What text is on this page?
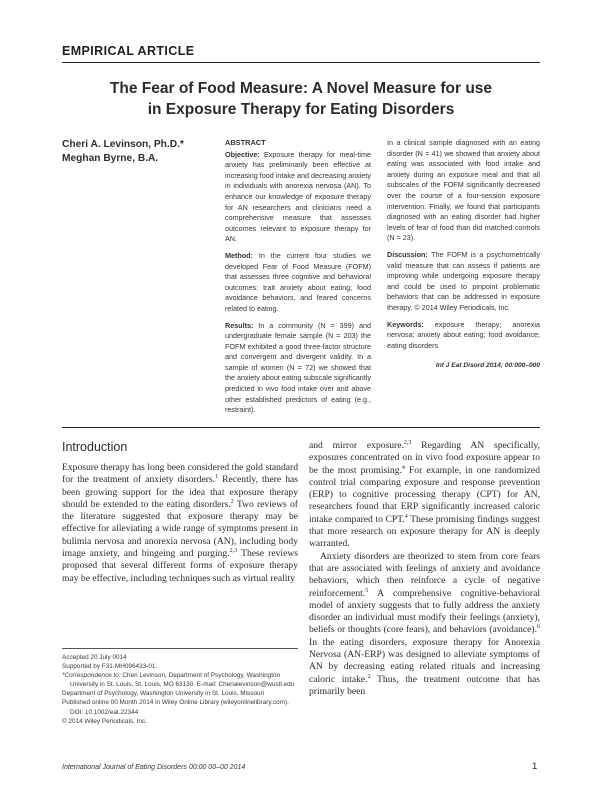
EMPIRICAL ARTICLE
The Fear of Food Measure: A Novel Measure for use
in Exposure Therapy for Eating Disorders
Cheri A. Levinson, Ph.D.*
Meghan Byrne, B.A.
ABSTRACT

Objective: Exposure therapy for meal-time anxiety has preliminarily been effective at increasing food intake and decreasing anxiety in individuals with anorexia nervosa (AN). To enhance our knowledge of exposure therapy for AN researchers and clinicians need a comprehensive measure that assesses outcomes relevant to exposure therapy for AN.

Method: In the current four studies we developed Fear of Food Measure (FOFM) that assesses three cognitive and behavioral outcomes: trait anxiety about eating, food avoidance behaviors, and feared concerns related to eating.

Results: In a community (N = 399) and undergraduate female sample (N = 203) the FOFM exhibited a good three-factor structure and convergent and divergent validity. In a sample of women (N = 72) we showed that the anxiety about eating subscale significantly predicted in vivo food intake over and above other established predictors of eating (e.g., restraint).

In a clinical sample diagnosed with an eating disorder (N = 41) we showed that anxiety about eating was associated with food intake and anxiety during an exposure meal and that all subscales of the FOFM significantly decreased over the course of a four-session exposure intervention. Finally, we found that participants diagnosed with an eating disorder had higher levels of fear of food than did matched controls (N = 23).

Discussion: The FOFM is a psychometrically valid measure that can assess if patients are improving while undergoing exposure therapy and could be used to pinpoint problematic behaviors that can be addressed in exposure therapy. © 2014 Wiley Periodicals, Inc.

Keywords: exposure therapy; anorexia nervosa; anxiety about eating; food avoidance; eating disorders

Int J Eat Disord 2014; 00:000–000

Introduction

Exposure therapy has long been considered the gold standard for the treatment of anxiety disorders.$^1$ Recently, there has been growing support for the idea that exposure therapy should be extended to the eating disorders.$^2$ Two reviews of the literature suggested that exposure therapy may be effective for alleviating a wide range of symptoms present in bulimia nervosa and anorexia nervosa (AN), including body image anxiety, and bingeing and purging.$^{2,3}$ These reviews proposed that several different forms of exposure therapy may be effective, including techniques such as virtual reality

and mirror exposure.$^{2,3}$ Regarding AN specifically, exposures concentrated on in vivo food exposure appear to be the most promising.$^4$ For example, in one randomized control trial comparing exposure and response prevention (ERP) to cognitive processing therapy (CPT) for AN, researchers found that ERP significantly increased caloric intake compared to CPT.$^4$ These promising findings suggest that more research on exposure therapy for AN is deeply warranted.

Anxiety disorders are theorized to stem from core fears that are associated with feelings of anxiety and avoidance behaviors, which then reinforce a cycle of negative reinforcement.$^5$ A comprehensive cognitive-behavioral model of anxiety suggests that to fully address the anxiety disorder an individual must modify their feelings (anxiety), beliefs or thoughts (core fears), and behaviors (avoidance).$^6$ In the eating disorders, exposure therapy for Anorexia Nervosa (AN-ERP) was designed to alleviate symptoms of AN by decreasing eating related rituals and increasing caloric intake.$^2$ Thus, the treatment outcome that has primarily been

Accepted 20 July 0014
Supported by F31-MH096433-01.
*Correspondence to: Cheri Levinson, Department of Psychology, Washington University in St. Louis, St. Louis, MO 63130. E-mail: Cherialevinson@wustl.edu
Department of Psychology, Washington University in St. Louis, Missouri
Published online 00 Month 2014 in Wiley Online Library (wileyonlinelibrary.com). DOI: 10.1002/eat.22344
© 2014 Wiley Periodicals, Inc.
International Journal of Eating Disorders 00:00 00–00 2014	1
